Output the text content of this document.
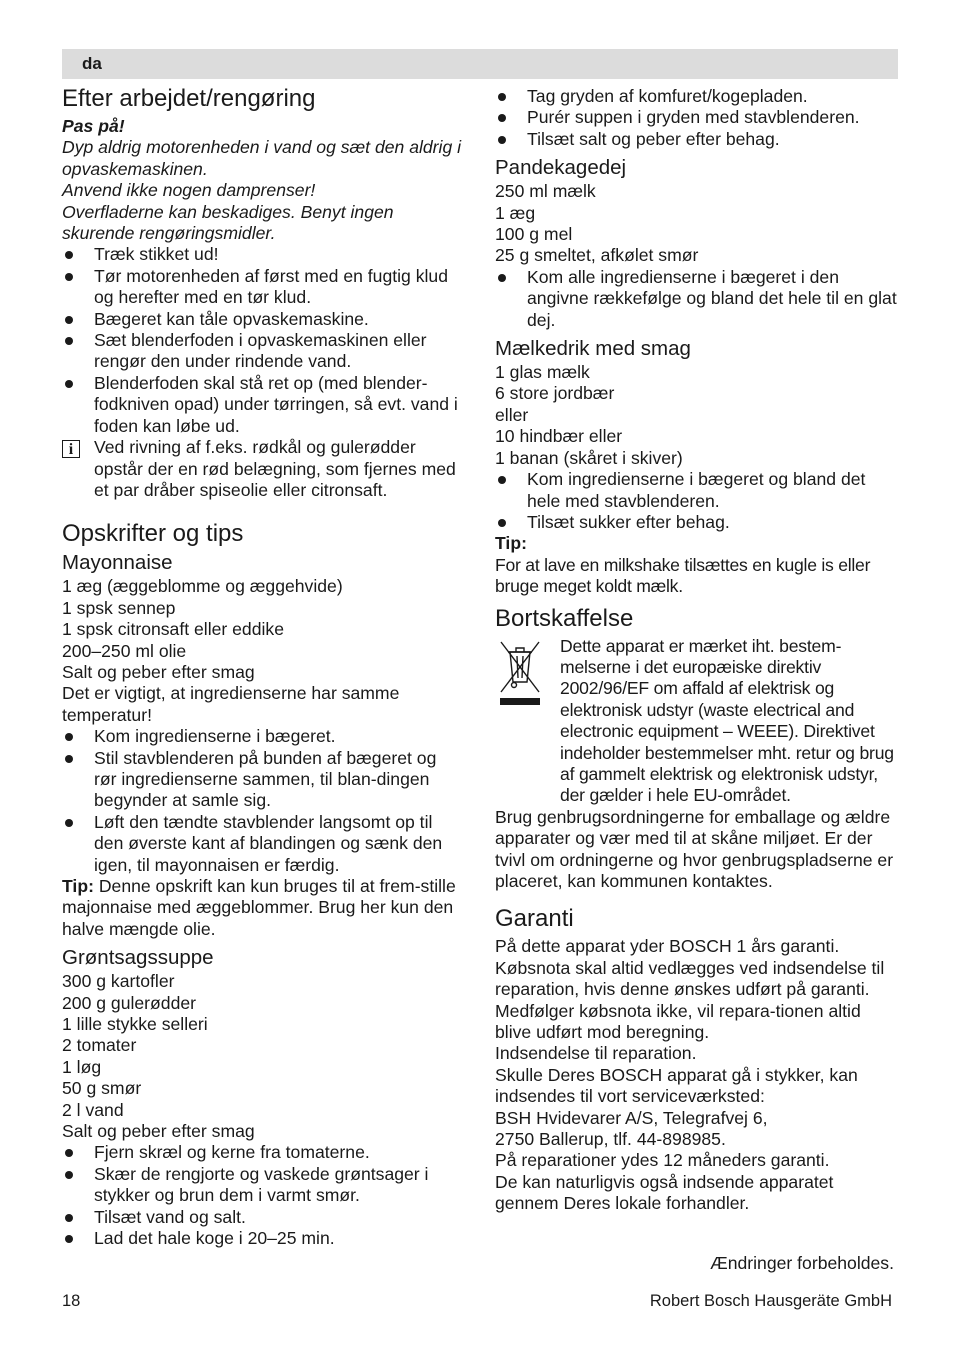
da
Efter arbejdet/rengøring
Pas på!
Dyp aldrig motorenheden i vand og sæt den aldrig i opvaskemaskinen.
Anvend ikke nogen damprenser!
Overfladerne kan beskadiges. Benyt ingen skurende rengøringsmidler.
Træk stikket ud!
Tør motorenheden af først med en fugtig klud og herefter med en tør klud.
Bægeret kan tåle opvaskemaskine.
Sæt blenderfoden i opvaskemaskinen eller rengør den under rindende vand.
Blenderfoden skal stå ret op (med blender-fodkniven opad) under tørringen, så evt. vand i foden kan løbe ud.
i	Ved rivning af f.eks. rødkål og gulerødder opstår der en rød belægning, som fjernes med et par dråber spiseolie eller citronsaft.
Opskrifter og tips
Mayonnaise
1 æg (æggeblomme og æggehvide)
1 spsk sennep
1 spsk citronsaft eller eddike
200–250 ml olie
Salt og peber efter smag
Det er vigtigt, at ingredienserne har samme temperatur!
Kom ingredienserne i bægeret.
Stil stavblenderen på bunden af bægeret og rør ingredienserne sammen, til blan-dingen begynder at samle sig.
Løft den tændte stavblender langsomt op til den øverste kant af blandingen og sænk den igen, til mayonnaisen er færdig.
Tip: Denne opskrift kan kun bruges til at frem-stille majonnaise med æggeblommer. Brug her kun den halve mængde olie.
Grøntsagssuppe
300 g kartofler
200 g gulerødder
1 lille stykke selleri
2 tomater
1 løg
50 g smør
2 l vand
Salt og peber efter smag
Fjern skræl og kerne fra tomaterne.
Skær de rengjorte og vaskede grøntsager i stykker og brun dem i varmt smør.
Tilsæt vand og salt.
Lad det hale koge i 20–25 min.
Tag gryden af komfuret/kogepladen.
Purér suppen i gryden med stavblenderen.
Tilsæt salt og peber efter behag.
Pandekagedej
250 ml mælk
1 æg
100 g mel
25 g smeltet, afkølet smør
Kom alle ingredienserne i bægeret i den angivne rækkefølge og bland det hele til en glat dej.
Mælkedrik med smag
1 glas mælk
6 store jordbær
eller
10 hindbær eller
1 banan (skåret i skiver)
Kom ingredienserne i bægeret og bland det hele med stavblenderen.
Tilsæt sukker efter behag.
Tip:
For at lave en milkshake tilsættes en kugle is eller bruge meget koldt mælk.
Bortskaffelse
Dette apparat er mærket iht. bestem-melserne i det europæiske direktiv 2002/96/EF om affald af elektrisk og elektronisk udstyr (waste electrical and electronic equipment – WEEE). Direktivet indeholder bestemmelser mht. retur og brug af gammelt elektrisk og elektronisk udstyr, der gælder i hele EU-området.
Brug genbrugsordningerne for emballage og ældre apparater og vær med til at skåne miljøet. Er der tvivl om ordningerne og hvor genbrugspladserne er placeret, kan kommunen kontaktes.
Garanti
På dette apparat yder BOSCH 1 års garanti. Købsnota skal altid vedlægges ved indsendelse til reparation, hvis denne ønskes udført på garanti. Medfølger købsnota ikke, vil repara-tionen altid blive udført mod beregning.
Indsendelse til reparation.
Skulle Deres BOSCH apparat gå i stykker, kan indsendes til vort serviceværksted:
BSH Hvidevarer A/S, Telegrafvej 6,
2750 Ballerup, tlf. 44-898985.
På reparationer ydes 12 måneders garanti.
De kan naturligvis også indsende apparatet gennem Deres lokale forhandler.
Ændringer forbeholdes.
18	Robert Bosch Hausgeräte GmbH
